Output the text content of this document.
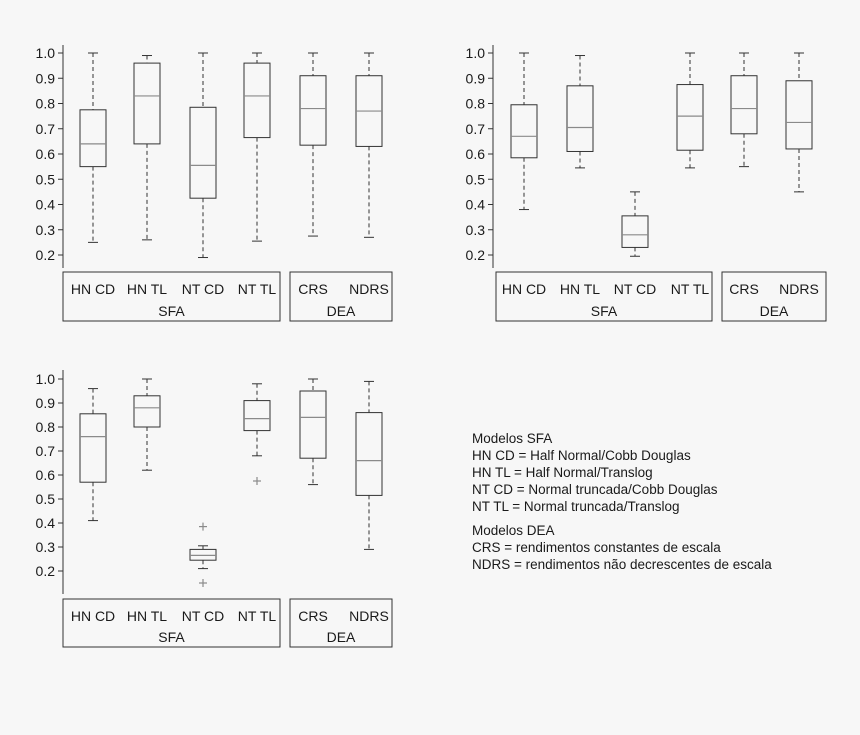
1.0
0.9
0.8
0.7
0.6
0.5
0.4
0.3
0.2
SFA	DEA
HN CD HN TL NT CD NT TL CRS NDRS
1.0
0.9
0.8
0.7
0.6
0.5
0.4
0.3
0.2
SFA	DEA
HN CD HN TL NT CD NT TL CRS NDRS
1.0
0.9
0.8
0.7
0.6
0.5
0.4
0.3
0.2
SFA	DEA
HN CD HN TL NT CD NT TL CRS NDRS
Modelos SFA
HN CD = Half Normal/Cobb Douglas
HN TL = Half Normal/Translog
NT CD = Normal truncada/Cobb Douglas
NT TL = Normal truncada/Translog
Modelos DEA
CRS = rendimentos constantes de escala
NDRS = rendimentos não decrescentes de escala
